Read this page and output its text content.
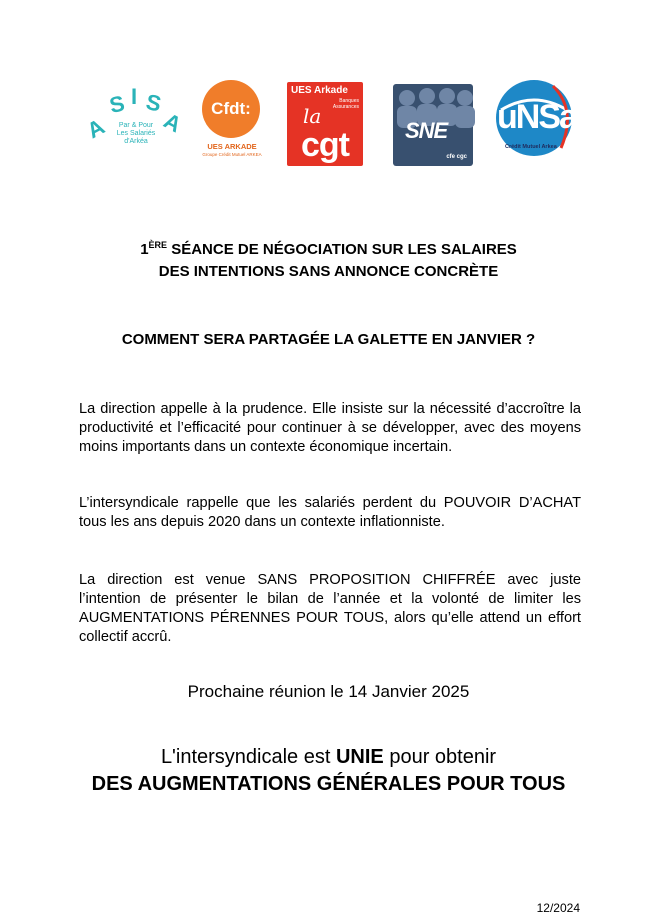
A
S I S
A
Par & Pour
Les Salariés
d'Arkéa
Cfdt:
UES ARKADE
Groupe Crédit Mutuel ARKEA
UES Arkade
Banques
Assurances
la
cgt	SNE
cfe cgc
uNSa
Crédit Mutuel Arkea
1ÈRE SÉANCE DE NÉGOCIATION SUR LES SALAIRES
DES INTENTIONS SANS ANNONCE CONCRÈTE
COMMENT SERA PARTAGÉE LA GALETTE EN JANVIER ?
La direction appelle à la prudence. Elle insiste sur la nécessité d’accroître la productivité et l’efficacité pour continuer à se développer, avec des moyens moins importants dans un contexte économique incertain.
L’intersyndicale rappelle que les salariés perdent du POUVOIR D’ACHAT tous les ans depuis 2020 dans un contexte inflationniste.
La direction est venue SANS PROPOSITION CHIFFRÉE avec juste l’intention de présenter le bilan de l’année et la volonté de limiter les AUGMENTATIONS PÉRENNES POUR TOUS, alors qu’elle attend un effort collectif accrû.
Prochaine réunion le 14 Janvier 2025
L'intersyndicale est UNIE pour obtenir
DES AUGMENTATIONS GÉNÉRALES POUR TOUS
12/2024
